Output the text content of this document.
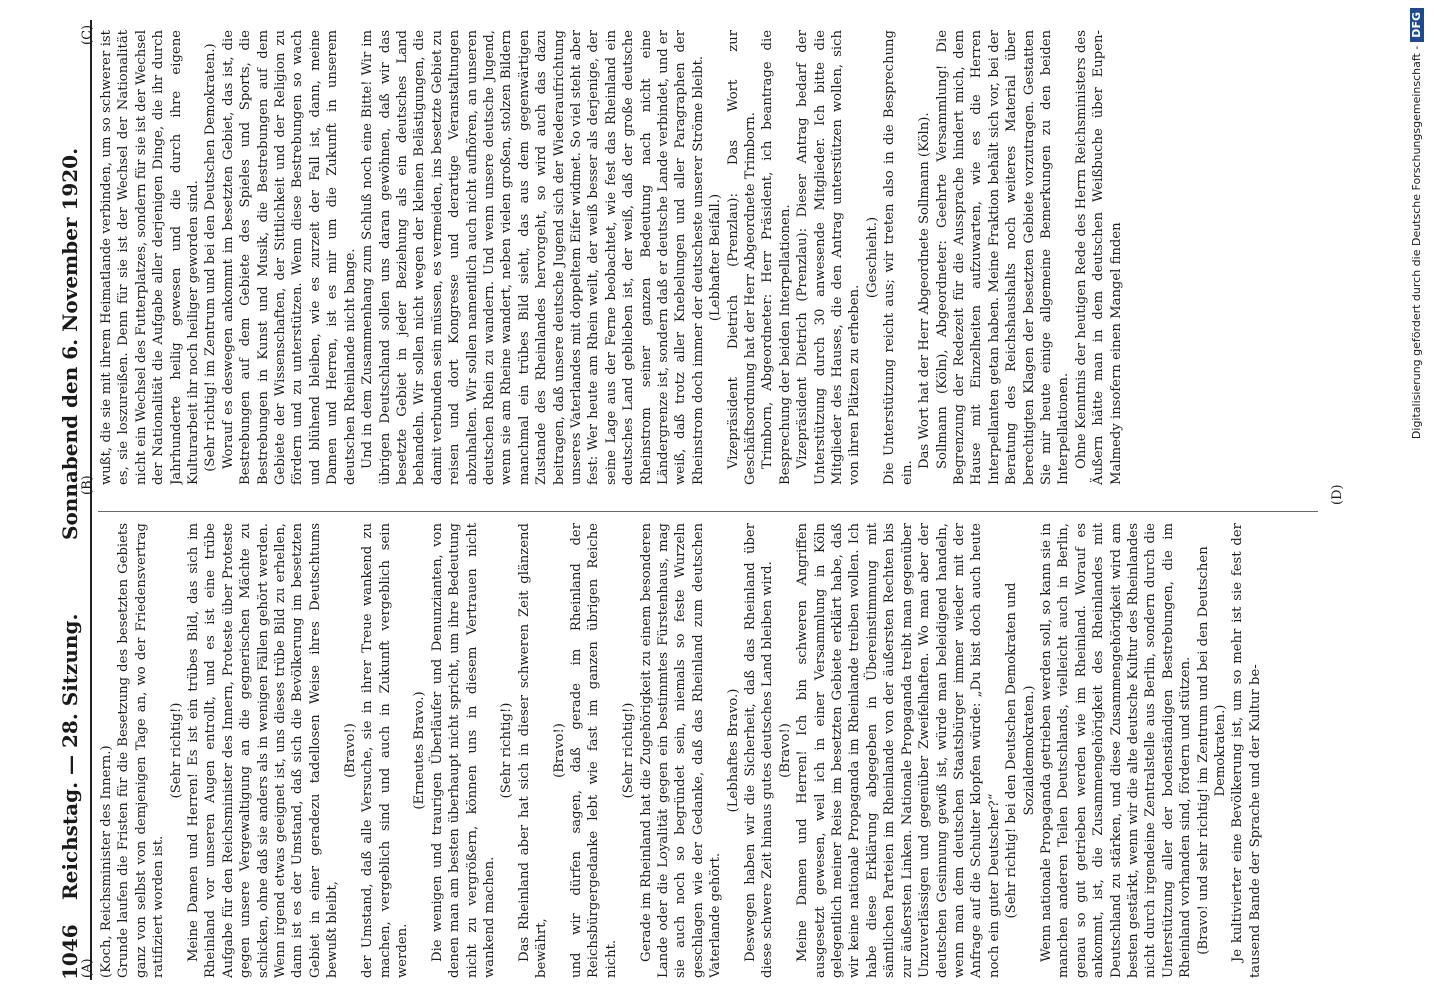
1046
Reichstag. — 28. Sitzung.
Sonnabend den 6. November 1920.
(A)
(B)
(C)
(D)

(Koch, Reichsminister des Innern.) Grunde laufen die Fristen für die Besetzung des besetzten Gebiets ganz von selbst von demjenigen Tage an, wo der Friedensvertrag ratifiziert worden ist.

(Sehr richtig!) Meine Damen und Herren! Es ist ein trübes Bild, das sich im Rheinland vor unseren Augen entrollt, und es ist eine trübe Aufgabe für den Reichsminister des Innern, Proteste über Proteste gegen unsere Vergewaltigung an die gegnerischen Mächte zu schicken, ohne daß sie anders als in wenigen Fällen gehört werden. Wenn irgend etwas geeignet ist, uns dieses trübe Bild zu erhellen, dann ist es der Umstand, daß sich die Bevölkerung im besetzten Gebiet in einer geradezu tadellosen Weise ihres Deutschtums bewußt bleibt,

(Bravo!) der Umstand, daß alle Versuche, sie in ihrer Treue wankend zu machen, vergeblich sind und auch in Zukunft vergeblich sein werden.

(Erneutes Bravo.) Die wenigen und traurigen Überläufer und Denunzianten, von denen man am besten überhaupt nicht spricht, um ihre Bedeutung nicht zu vergrößern, können uns in diesem Vertrauen nicht wankend machen.

(Sehr richtig!) Das Rheinland aber hat sich in dieser schweren Zeit glänzend bewährt,

(Bravo!) und wir dürfen sagen, daß gerade im Rheinland der Reichsbürgergedanke lebt wie fast im ganzen übrigen Reiche nicht.

(Sehr richtig!) Gerade im Rheinland hat die Zugehörigkeit zu einem besonderen Lande oder die Loyalität gegen ein bestimmtes Fürstenhaus, mag sie auch noch so begründet sein, niemals so feste Wurzeln geschlagen wie der Gedanke, daß das Rheinland zum deutschen Vaterlande gehört.

(Lebhaftes Bravo.) Deswegen haben wir die Sicherheit, daß das Rheinland über diese schwere Zeit hinaus gutes deutsches Land bleiben wird. (Bravo!) Meine Damen und Herren! Ich bin schweren Angriffen ausgesetzt gewesen, weil ich in einer Versammlung in Köln gelegentlich meiner Reise im besetzten Gebiete erklärt habe, daß wir keine nationale Propaganda im Rheinlande treiben wollen. Ich habe diese Erklärung abgegeben in Übereinstimmung mit sämtlichen Parteien im Rheinlande von der äußersten Rechten bis zur äußersten Linken. Nationale Propaganda treibt man gegenüber Unzuverlässigen und gegenüber Zweifelhaften. Wo man aber der deutschen Gesinnung gewiß ist, würde man beleidigend handeln, wenn man dem deutschen Staatsbürger immer wieder mit der Anfrage auf die Schulter klopfen würde: „Du bist doch auch heute noch ein guter Deutscher?“ (Sehr richtig! bei den Deutschen Demokraten und Sozialdemokraten.) Wenn nationale Propaganda getrieben werden soll, so kann sie in manchen anderen Teilen Deutschlands, vielleicht auch in Berlin, genau so gut getrieben werden wie im Rheinland. Worauf es ankommt, ist, die Zusammengehörigkeit des Rheinlandes mit Deutschland zu stärken, und diese Zusammengehörigkeit wird am besten gestärkt, wenn wir die alte deutsche Kultur des Rheinlandes nicht durch irgendeine Zentralstelle aus Berlin, sondern durch die Unterstützung aller der bodenständigen Bestrebungen, die im Rheinland vorhanden sind, fördern und stützen. (Bravo! und sehr richtig! im Zentrum und bei den Deutschen Demokraten.) Je kultivierter eine Bevölkerung ist, um so mehr ist sie fest der tausend Bande der Sprache und der Kultur be-

wußt, die sie mit ihrem Heimatlande verbinden, um so schwerer ist es, sie loszureißen. Denn für sie ist der Wechsel der Nationalität nicht ein Wechsel des Futterplatzes, sondern für sie ist der Wechsel der Nationalität die Aufgabe aller derjenigen Dinge, die ihr durch Jahrhunderte heilig gewesen und die durch ihre eigene Kulturarbeit ihr noch heiliger geworden sind. (Sehr richtig! im Zentrum und bei den Deutschen Demokraten.) Worauf es deswegen ankommt im besetzten Gebiet, das ist, die Bestrebungen auf dem Gebiete des Spieles und Sports, die Bestrebungen in Kunst und Musik, die Bestrebungen auf dem Gebiete der Wissenschaften, der Sittlichkeit und der Religion zu fördern und zu unterstützen. Wenn diese Bestrebungen so wach und blühend bleiben, wie es zurzeit der Fall ist, dann, meine Damen und Herren, ist es mir um die Zukunft in unserem deutschen Rheinlande nicht bange. Und in dem Zusammenhang zum Schluß noch eine Bitte! Wir im übrigen Deutschland sollen uns daran gewöhnen, daß wir das besetzte Gebiet in jeder Beziehung als ein deutsches Land behandeln. Wir sollen nicht wegen der kleinen Belästigungen, die damit verbunden sein müssen, es vermeiden, ins besetzte Gebiet zu reisen und dort Kongresse und derartige Veranstaltungen abzuhalten. Wir sollen namentlich auch nicht aufhören, an unseren deutschen Rhein zu wandern. Und wenn unsere deutsche Jugend, wenn sie am Rheine wandert, neben vielen großen, stolzen Bildern manchmal ein trübes Bild sieht, das aus dem gegenwärtigen Zustande des Rheinlandes hervorgeht, so wird auch das dazu beitragen, daß unsere deutsche Jugend sich der Wiederaufrichtung unseres Vaterlandes mit doppeltem Eifer widmet. So viel steht aber fest: Wer heute am Rhein weilt, der weiß besser als derjenige, der seine Lage aus der Ferne beobachtet, wie fest das Rheinland ein deutsches Land geblieben ist, der weiß, daß der große deutsche Rheinstrom seiner ganzen Bedeutung nach nicht eine Ländergrenze ist, sondern daß er deutsche Lande verbindet, und er weiß, daß trotz aller Knebelungen und aller Paragraphen der Rheinstrom doch immer der deutscheste unserer Ströme bleibt. (Lebhafter Beifall.) Vizepräsident Dietrich (Prenzlau): Das Wort zur Geschäftsordnung hat der Herr Abgeordnete Trimborn. Trimborn, Abgeordneter: Herr Präsident, ich beantrage die Besprechung der beiden Interpellationen. Vizepräsident Dietrich (Prenzlau): Dieser Antrag bedarf der Unterstützung durch 30 anwesende Mitglieder. Ich bitte die Mitglieder des Hauses, die den Antrag unterstützen wollen, sich von ihren Plätzen zu erheben.

(Geschieht.) Die Unterstützung reicht aus; wir treten also in die Besprechung ein.

Das Wort hat der Herr Abgeordnete Sollmann (Köln). Sollmann (Köln), Abgeordneter: Geehrte Versammlung! Die Begrenzung der Redezeit für die Aussprache hindert mich, dem Hause mit Einzelheiten aufzuwarten, wie es die Herren Interpellanten getan haben. Meine Fraktion behält sich vor, bei der Beratung des Reichshaushalts noch weiteres Material über berechtigten Klagen der besetzten Gebiete vorzutragen. Gestatten Sie mir heute einige allgemeine Bemerkungen zu den beiden Interpellationen. Ohne Kenntnis der heutigen Rede des Herrn Reichsministers des Äußern hätte man in dem deutschen Weißbuche über Eupen-Malmedy insofern einen Mangel finden	Digitalisierung gefördert durch die Deutsche Forschungsgemeinschaft -DFG
